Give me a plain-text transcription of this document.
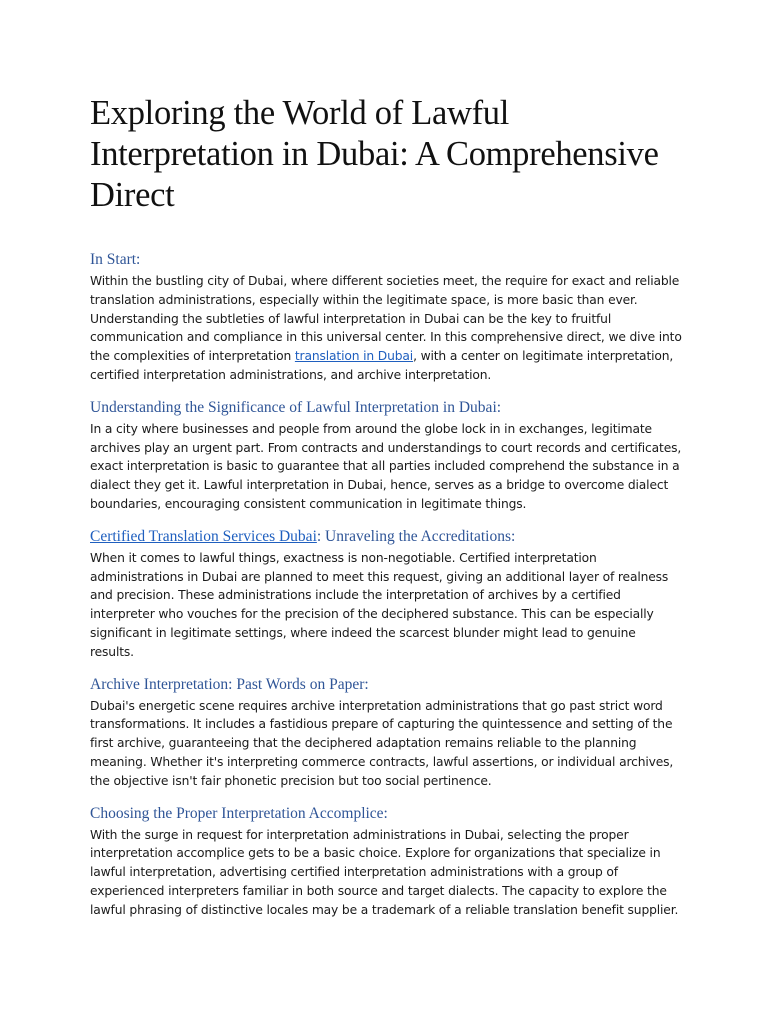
Exploring the World of Lawful Interpretation in Dubai: A Comprehensive Direct
In Start:

Within the bustling city of Dubai, where different societies meet, the require for exact and reliable translation administrations, especially within the legitimate space, is more basic than ever. Understanding the subtleties of lawful interpretation in Dubai can be the key to fruitful communication and compliance in this universal center. In this comprehensive direct, we dive into the complexities of interpretation translation in Dubai, with a center on legitimate interpretation, certified interpretation administrations, and archive interpretation.

Understanding the Significance of Lawful Interpretation in Dubai:

In a city where businesses and people from around the globe lock in in exchanges, legitimate archives play an urgent part. From contracts and understandings to court records and certificates, exact interpretation is basic to guarantee that all parties included comprehend the substance in a dialect they get it. Lawful interpretation in Dubai, hence, serves as a bridge to overcome dialect boundaries, encouraging consistent communication in legitimate things.

Certified Translation Services Dubai: Unraveling the Accreditations:

When it comes to lawful things, exactness is non-negotiable. Certified interpretation administrations in Dubai are planned to meet this request, giving an additional layer of realness and precision. These administrations include the interpretation of archives by a certified interpreter who vouches for the precision of the deciphered substance. This can be especially significant in legitimate settings, where indeed the scarcest blunder might lead to genuine results.

Archive Interpretation: Past Words on Paper:

Dubai's energetic scene requires archive interpretation administrations that go past strict word transformations. It includes a fastidious prepare of capturing the quintessence and setting of the first archive, guaranteeing that the deciphered adaptation remains reliable to the planning meaning. Whether it's interpreting commerce contracts, lawful assertions, or individual archives, the objective isn't fair phonetic precision but too social pertinence.

Choosing the Proper Interpretation Accomplice:

With the surge in request for interpretation administrations in Dubai, selecting the proper interpretation accomplice gets to be a basic choice. Explore for organizations that specialize in lawful interpretation, advertising certified interpretation administrations with a group of experienced interpreters familiar in both source and target dialects. The capacity to explore the lawful phrasing of distinctive locales may be a trademark of a reliable translation benefit supplier.
